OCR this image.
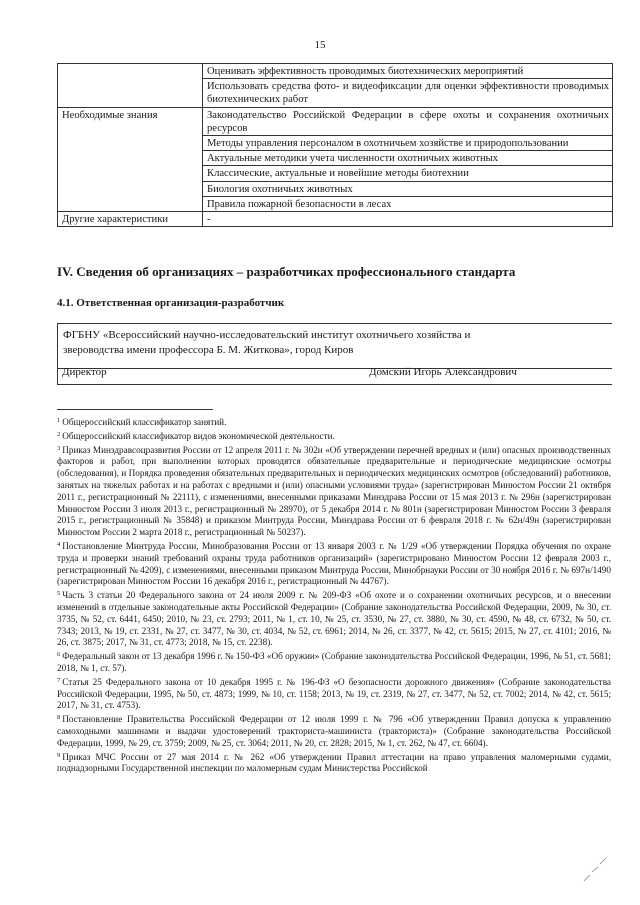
15
	Оценивать эффективность проводимых биотехнических мероприятий
	Использовать средства фото- и видеофиксации для оценки эффективности проводимых биотехнических работ
Необходимые знания	Законодательство Российской Федерации в сфере охоты и сохранения охотничьих ресурсов
	Методы управления персоналом в охотничьем хозяйстве и природопользовании
	Актуальные методики учета численности охотничьих животных
	Классические, актуальные и новейшие методы биотехнии
	Биология охотничьих животных
	Правила пожарной безопасности в лесах
Другие характеристики	-
IV. Сведения об организациях – разработчиках профессионального стандарта
4.1. Ответственная организация-разработчик
ФГБНУ «Всероссийский научно-исследовательский институт охотничьего хозяйства и
звероводства имени профессора Б. М. Житкова», город Киров
Директор	Домский Игорь Александрович
$^1$ Общероссийский классификатор занятий.
$^2$ Общероссийский классификатор видов экономической деятельности.
$^3$ Приказ Минздравсоцразвития России от 12 апреля 2011 г. № 302н «Об утверждении перечней вредных и (или) опасных производственных факторов и работ, при выполнении которых проводятся обязательные предварительные и периодические медицинские осмотры (обследования), и Порядка проведения обязательных предварительных и периодических медицинских осмотров (обследований) работников, занятых на тяжелых работах и на работах с вредными и (или) опасными условиями труда» (зарегистрирован Минюстом России 21 октября 2011 г., регистрационный № 22111), с изменениями, внесенными приказами Минздрава России от 15 мая 2013 г. № 296н (зарегистрирован Минюстом России 3 июля 2013 г., регистрационный № 28970), от 5 декабря 2014 г. № 801н (зарегистрирован Минюстом России 3 февраля 2015 г., регистрационный № 35848) и приказом Минтруда России, Минздрава России от 6 февраля 2018 г. № 62н/49н (зарегистрирован Минюстом России 2 марта 2018 г., регистрационный № 50237).
$^4$ Постановление Минтруда России, Минобразования России от 13 января 2003 г. № 1/29 «Об утверждении Порядка обучения по охране труда и проверки знаний требований охраны труда работников организаций» (зарегистрировано Минюстом России 12 февраля 2003 г., регистрационный № 4209), с изменениями, внесенными приказом Минтруда России, Минобрнауки России от 30 ноября 2016 г. № 697н/1490 (зарегистрирован Минюстом России 16 декабря 2016 г., регистрационный № 44767).
$^5$ Часть 3 статьи 20 Федерального закона от 24 июля 2009 г. № 209-ФЗ «Об охоте и о сохранении охотничьих ресурсов, и о внесении изменений в отдельные законодательные акты Российской Федерации» (Собрание законодательства Российской Федерации, 2009, № 30, ст. 3735, № 52, ст. 6441, 6450; 2010, № 23, ст. 2793; 2011, № 1, ст. 10, № 25, ст. 3530, № 27, ст. 3880, № 30, ст. 4590, № 48, ст. 6732, № 50, ст. 7343; 2013, № 19, ст. 2331, № 27, ст. 3477, № 30, ст. 4034, № 52, ст. 6961; 2014, № 26, ст. 3377, № 42, ст. 5615; 2015, № 27, ст. 4101; 2016, № 26, ст. 3875; 2017, № 31, ст. 4773; 2018, № 15, ст. 2238).
$^6$ Федеральный закон от 13 декабря 1996 г. № 150-ФЗ «Об оружии» (Собрание законодательства Российской Федерации, 1996, № 51, ст. 5681; 2018, № 1, ст. 57).
$^7$ Статья 25 Федерального закона от 10 декабря 1995 г. № 196-ФЗ «О безопасности дорожного движения» (Собрание законодательства Российской Федерации, 1995, № 50, ст. 4873; 1999, № 10, ст. 1158; 2013, № 19, ст. 2319, № 27, ст. 3477, № 52, ст. 7002; 2014, № 42, ст. 5615; 2017, № 31, ст. 4753).
$^8$ Постановление Правительства Российской Федерации от 12 июля 1999 г. № 796 «Об утверждении Правил допуска к управлению самоходными машинами и выдачи удостоверений тракториста-машиниста (тракториста)» (Собрание законодательства Российской Федерации, 1999, № 29, ст. 3759; 2009, № 25, ст. 3064; 2011, № 20, ст. 2828; 2015, № 1, ст. 262, № 47, ст. 6604).
$^9$ Приказ МЧС России от 27 мая 2014 г. № 262 «Об утверждении Правил аттестации на право управления маломерными судами, поднадзорными Государственной инспекции по маломерным судам Министерства Российской
